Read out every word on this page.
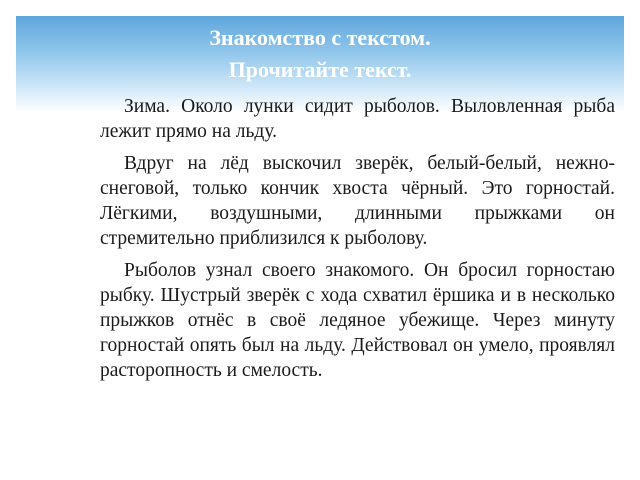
Знакомство с текстом.
Прочитайте текст.

Зима. Около лунки сидит рыболов. Выловленная рыба лежит прямо на льду.

Вдруг на лёд выскочил зверёк, белый-белый, нежно-снеговой, только кончик хвоста чёрный. Это горностай. Лёгкими, воздушными, длинными прыжками он стремительно приблизился к рыболову.

Рыболов узнал своего знакомого. Он бросил горностаю рыбку. Шустрый зверёк с хода схватил ёршика и в несколько прыжков отнёс в своё ледяное убежище. Через минуту горностай опять был на льду. Действовал он умело, проявлял расторопность и смелость.
